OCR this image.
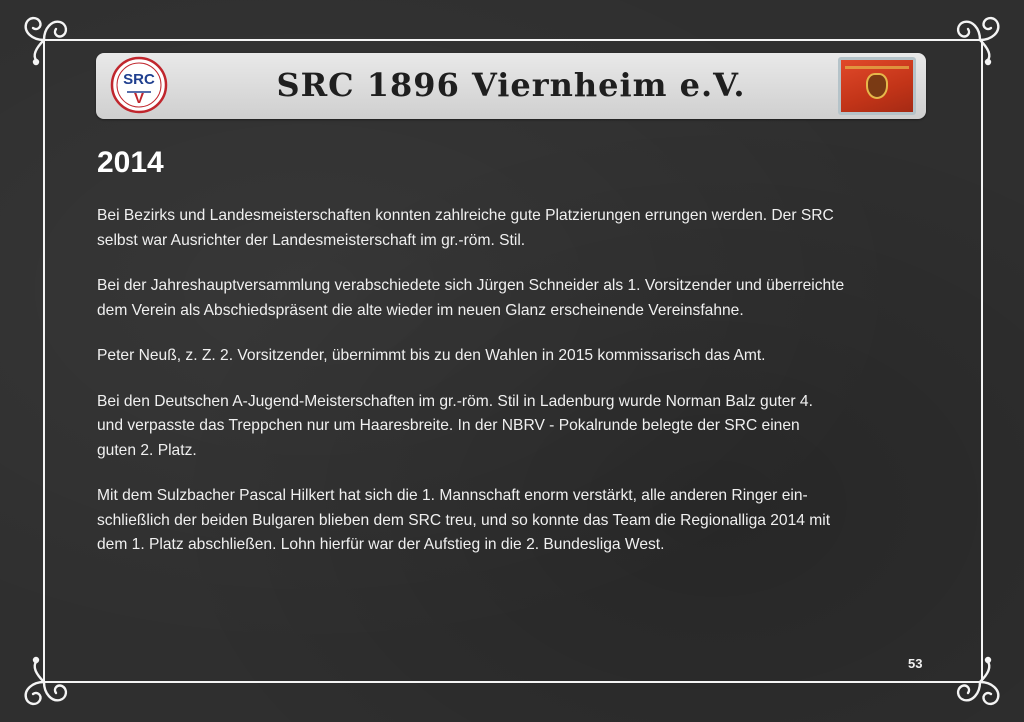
SRC
V	SRC 1896 Viernheim e.V.
2014

Bei Bezirks und Landesmeisterschaften konnten zahlreiche gute Platzierungen errungen werden. Der SRC
selbst war Ausrichter der Landesmeisterschaft im gr.-röm. Stil.

Bei der Jahreshauptversammlung verabschiedete sich Jürgen Schneider als 1. Vorsitzender und überreichte
dem Verein als Abschiedspräsent die alte wieder im neuen Glanz erscheinende Vereinsfahne.

Peter Neuß, z. Z. 2. Vorsitzender, übernimmt bis zu den Wahlen in 2015 kommissarisch das Amt.

Bei den Deutschen A-Jugend-Meisterschaften im gr.-röm. Stil in Ladenburg wurde Norman Balz guter 4.
und verpasste das Treppchen nur um Haaresbreite. In der NBRV - Pokalrunde belegte der SRC einen
guten 2. Platz.

Mit dem Sulzbacher Pascal Hilkert hat sich die 1. Mannschaft enorm verstärkt, alle anderen Ringer ein-
schließlich der beiden Bulgaren blieben dem SRC treu, und so konnte das Team die Regionalliga 2014 mit
dem 1. Platz abschließen. Lohn hierfür war der Aufstieg in die 2. Bundesliga West.

53
